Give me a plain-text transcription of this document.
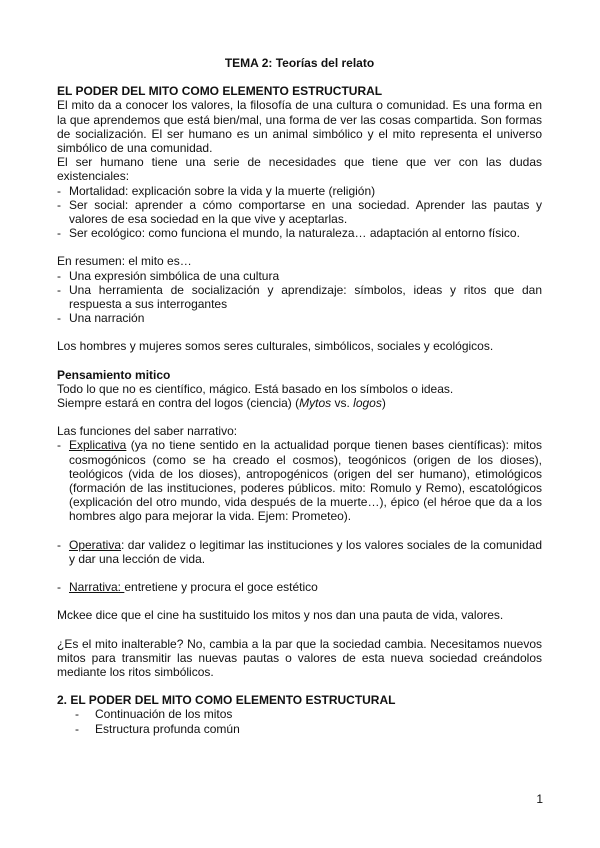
TEMA 2: Teorías del relato
EL PODER DEL MITO COMO ELEMENTO ESTRUCTURAL

El mito da a conocer los valores, la filosofía de una cultura o comunidad. Es una forma en la que aprendemos que está bien/mal, una forma de ver las cosas compartida. Son formas de socialización. El ser humano es un animal simbólico y el mito representa el universo simbólico de una comunidad.

El ser humano tiene una serie de necesidades que tiene que ver con las dudas existenciales:

- Mortalidad: explicación sobre la vida y la muerte (religión)
- Ser social: aprender a cómo comportarse en una sociedad. Aprender las pautas y valores de esa sociedad en la que vive y aceptarlas.
- Ser ecológico: como funciona el mundo, la naturaleza… adaptación al entorno físico.

En resumen: el mito es…

- Una expresión simbólica de una cultura
- Una herramienta de socialización y aprendizaje: símbolos, ideas y ritos que dan respuesta a sus interrogantes
- Una narración

Los hombres y mujeres somos seres culturales, simbólicos, sociales y ecológicos.

Pensamiento mitico

Todo lo que no es científico, mágico. Está basado en los símbolos o ideas.

Siempre estará en contra del logos (ciencia) (Mytos vs. logos)

Las funciones del saber narrativo:

- Explicativa (ya no tiene sentido en la actualidad porque tienen bases científicas): mitos cosmogónicos (como se ha creado el cosmos), teogónicos (origen de los dioses), teológicos (vida de los dioses), antropogénicos (origen del ser humano), etimológicos (formación de las instituciones, poderes públicos. mito: Romulo y Remo), escatológicos (explicación del otro mundo, vida después de la muerte…), épico (el héroe que da a los hombres algo para mejorar la vida. Ejem: Prometeo).
- Operativa: dar validez o legitimar las instituciones y los valores sociales de la comunidad y dar una lección de vida.
- Narrativa: entretiene y procura el goce estético

Mckee dice que el cine ha sustituido los mitos y nos dan una pauta de vida, valores.

¿Es el mito inalterable? No, cambia a la par que la sociedad cambia. Necesitamos nuevos mitos para transmitir las nuevas pautas o valores de esta nueva sociedad creándolos mediante los ritos simbólicos.

2. EL PODER DEL MITO COMO ELEMENTO ESTRUCTURAL
- Continuación de los mitos
- Estructura profunda común
1
